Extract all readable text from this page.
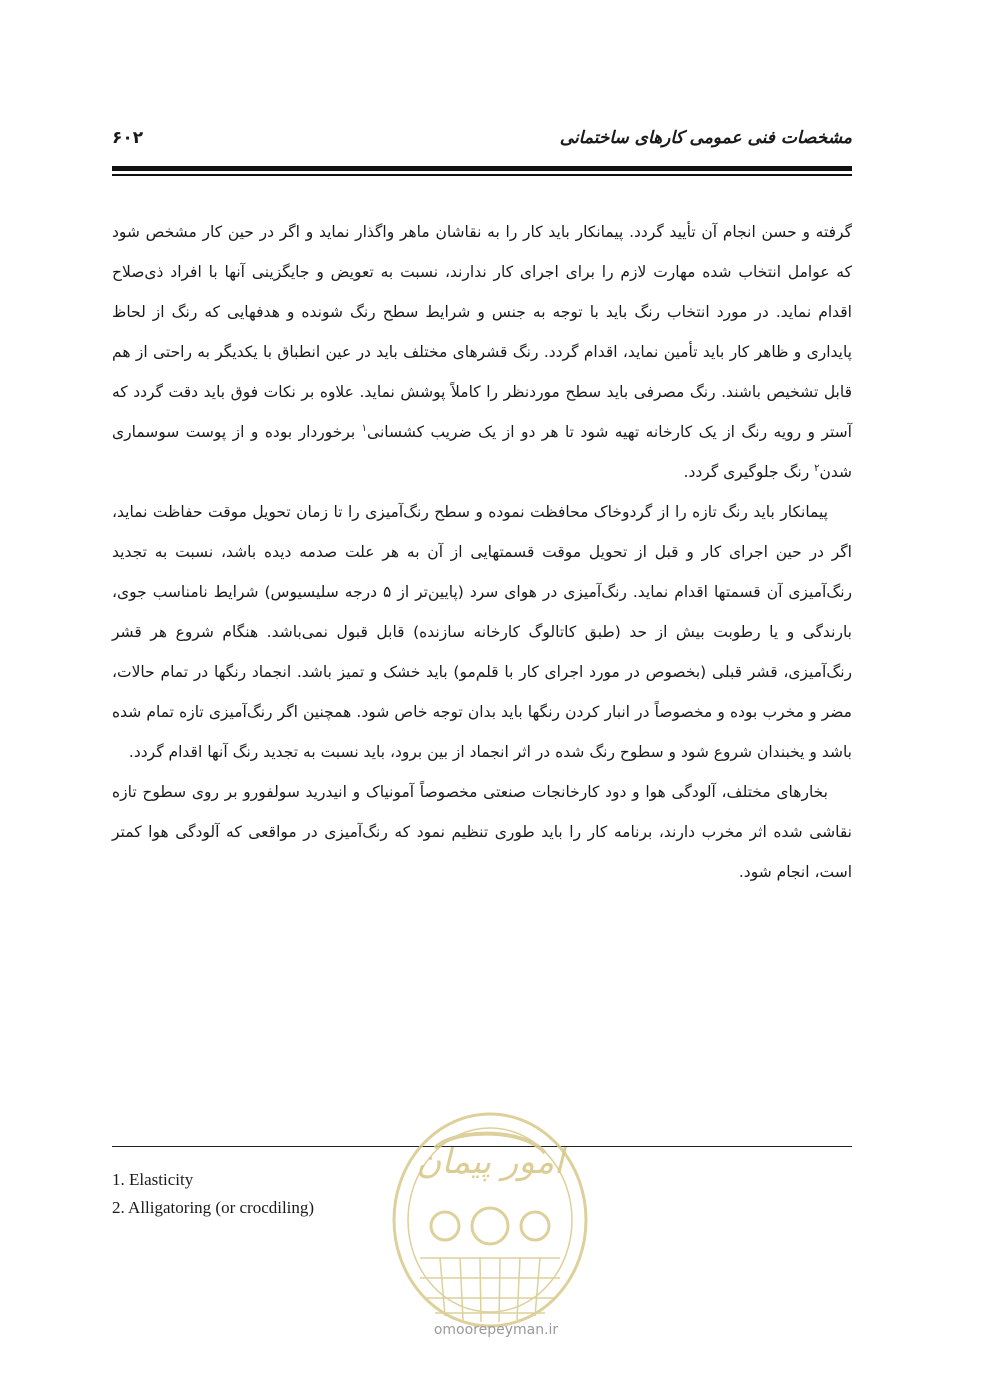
مشخصات فنی عمومی کارهای ساختمانی
۶۰۲

گرفته و حسن انجام آن تأیید گردد. پیمانکار باید کار را به نقاشان ماهر واگذار نماید و اگر در حین کار مشخص شود که عوامل انتخاب شده مهارت لازم را برای اجرای کار ندارند، نسبت به تعویض و جایگزینی آنها با افراد ذی‌صلاح اقدام نماید. در مورد انتخاب رنگ باید با توجه به جنس و شرایط سطح رنگ شونده و هدفهایی که رنگ از لحاظ پایداری و ظاهر کار باید تأمین نماید، اقدام گردد. رنگ قشرهای مختلف باید در عین انطباق با یکدیگر به راحتی از هم قابل تشخیص باشند. رنگ مصرفی باید سطح موردنظر را کاملاً پوشش نماید. علاوه بر نکات فوق باید دقت گردد که آستر و رویه رنگ از یک کارخانه تهیه شود تا هر دو از یک ضریب کشسانی$^۱$ برخوردار بوده و از پوست سوسماری شدن$^۲$ رنگ جلوگیری گردد.

پیمانکار باید رنگ تازه را از گردوخاک محافظت نموده و سطح رنگ‌آمیزی را تا زمان تحویل موقت حفاظت نماید، اگر در حین اجرای کار و قبل از تحویل موقت قسمتهایی از آن به هر علت صدمه دیده باشد، نسبت به تجدید رنگ‌آمیزی آن قسمتها اقدام نماید. رنگ‌آمیزی در هوای سرد (پایین‌تر از ۵ درجه سلیسیوس) شرایط نامناسب جوی، بارندگی و یا رطوبت بیش از حد (طبق کاتالوگ کارخانه سازنده) قابل قبول نمی‌باشد. هنگام شروع هر قشر رنگ‌آمیزی، قشر قبلی (بخصوص در مورد اجرای کار با قلم‌مو) باید خشک و تمیز باشد. انجماد رنگها در تمام حالات، مضر و مخرب بوده و مخصوصاً در انبار کردن رنگها باید بدان توجه خاص شود. همچنین اگر رنگ‌آمیزی تازه تمام شده باشد و یخبندان شروع شود و سطوح رنگ شده در اثر انجماد از بین برود، باید نسبت به تجدید رنگ آنها اقدام گردد.

بخارهای مختلف، آلودگی هوا و دود کارخانجات صنعتی مخصوصاً آمونیاک و انیدرید سولفورو بر روی سطوح تازه نقاشی شده اثر مخرب دارند، برنامه کار را باید طوری تنظیم نمود که رنگ‌آمیزی در مواقعی که آلودگی هوا کمتر است، انجام شود.

1. Elasticity
2. Alligatoring (or crocdiling)
امور پیمان
omoorepeyman.ir
